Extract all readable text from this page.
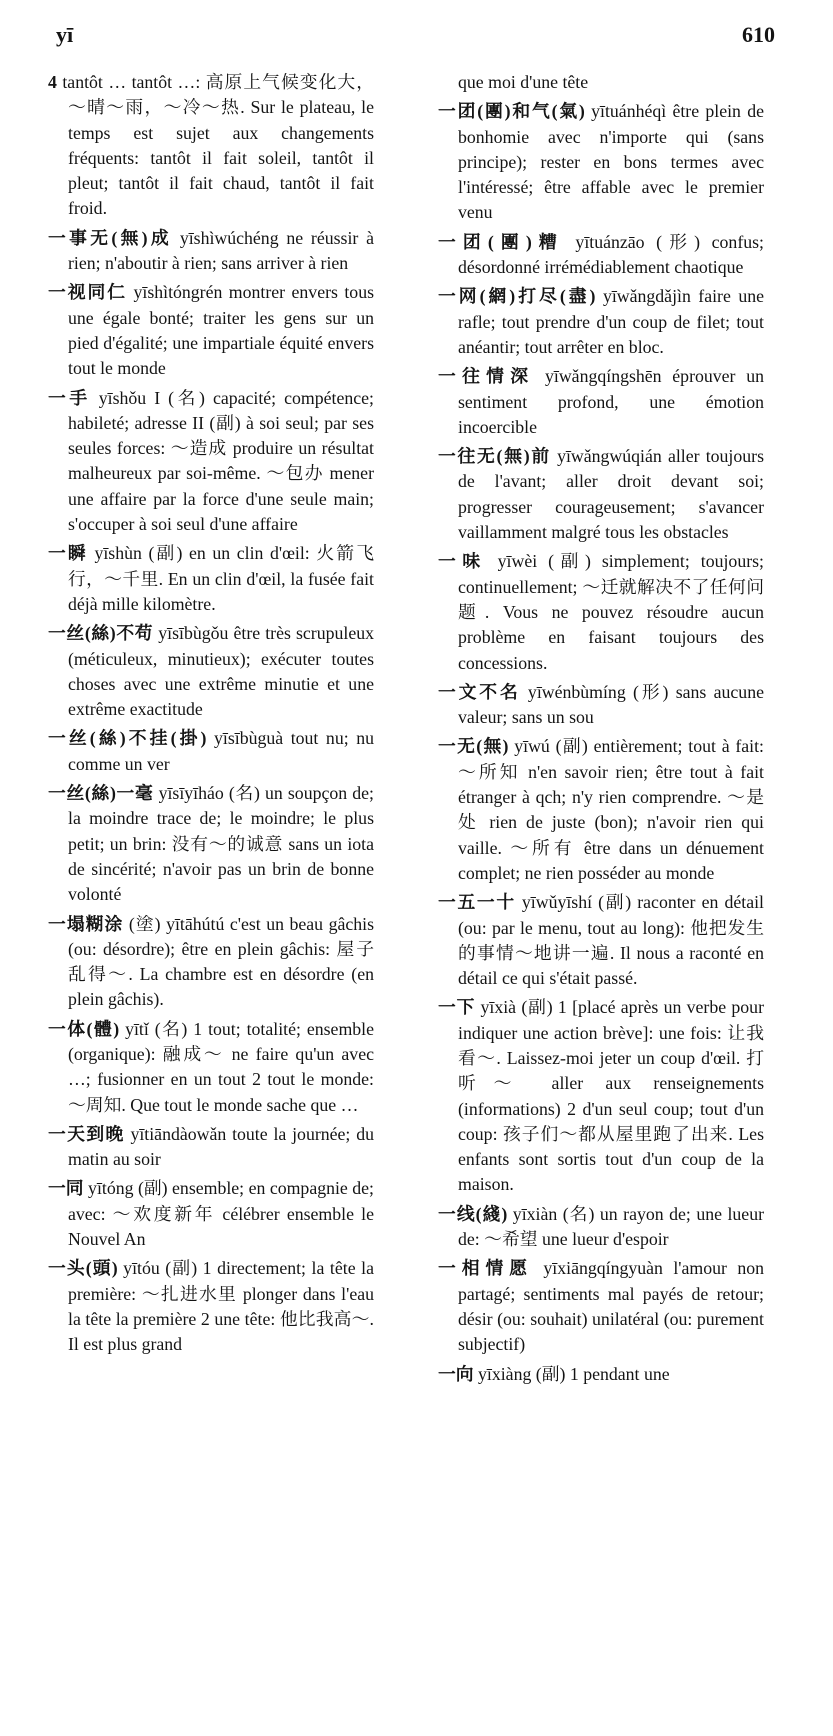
yī	610

4 tantôt … tantôt …: 高原上气候变化大，～晴～雨，～冷～热. Sur le plateau, le temps est sujet aux changements fréquents: tantôt il fait soleil, tantôt il pleut; tantôt il fait chaud, tantôt il fait froid.

一事无(無)成 yīshìwúchéng ne réussir à rien; n'aboutir à rien; sans arriver à rien

一视同仁 yīshìtóngrén montrer envers tous une égale bonté; traiter les gens sur un pied d'égalité; une impartiale équité envers tout le monde

一手 yīshǒu I (名) capacité; compétence; habileté; adresse II (副) à soi seul; par ses seules forces: ～造成 produire un résultat malheureux par soi-même. ～包办 mener une affaire par la force d'une seule main; s'occuper à soi seul d'une affaire

一瞬 yīshùn (副) en un clin d'œil: 火箭飞行，～千里. En un clin d'œil, la fusée fait déjà mille kilomètre.

一丝(絲)不苟 yīsībùgǒu être très scrupuleux (méticuleux, minutieux); exécuter toutes choses avec une extrême minutie et une extrême exactitude

一丝(絲)不挂(掛) yīsībùguà tout nu; nu comme un ver

一丝(絲)一毫 yīsīyīháo (名) un soupçon de; la moindre trace de; le moindre; le plus petit; un brin: 没有～的诚意 sans un iota de sincérité; n'avoir pas un brin de bonne volonté

一塌糊涂 (塗) yītāhútú c'est un beau gâchis (ou: désordre); être en plein gâchis: 屋子乱得～. La chambre est en désordre (en plein gâchis).

一体(體) yītǐ (名) 1 tout; totalité; ensemble (organique): 融成～ ne faire qu'un avec …; fusionner en un tout 2 tout le monde: ～周知. Que tout le monde sache que …

一天到晚 yītiāndàowǎn toute la journée; du matin au soir

一同 yītóng (副) ensemble; en compagnie de; avec: ～欢度新年 célébrer ensemble le Nouvel An

一头(頭) yītóu (副) 1 directement; la tête la première: ～扎进水里 plonger dans l'eau la tête la première 2 une tête: 他比我高～. Il est plus grand

que moi d'une tête

一团(團)和气(氣) yītuánhéqì être plein de bonhomie avec n'importe qui (sans principe); rester en bons termes avec l'intéressé; être affable avec le premier venu

一团(團)糟 yītuánzāo (形) confus; désordonné irrémédiablement chaotique

一网(網)打尽(盡) yīwǎngdǎjìn faire une rafle; tout prendre d'un coup de filet; tout anéantir; tout arrêter en bloc.

一往情深 yīwǎngqíngshēn éprouver un sentiment profond, une émotion incoercible

一往无(無)前 yīwǎngwúqián aller toujours de l'avant; aller droit devant soi; progresser courageusement; s'avancer vaillamment malgré tous les obstacles

一味 yīwèi (副) simplement; toujours; continuellement; ～迁就解决不了任何问题. Vous ne pouvez résoudre aucun problème en faisant toujours des concessions.

一文不名 yīwénbùmíng (形) sans aucune valeur; sans un sou

一无(無) yīwú (副) entièrement; tout à fait: ～所知 n'en savoir rien; être tout à fait étranger à qch; n'y rien comprendre. ～是处 rien de juste (bon); n'avoir rien qui vaille. ～所有 être dans un dénuement complet; ne rien posséder au monde

一五一十 yīwǔyīshí (副) raconter en détail (ou: par le menu, tout au long): 他把发生的事情～地讲一遍. Il nous a raconté en détail ce qui s'était passé.

一下 yīxià (副) 1 [placé après un verbe pour indiquer une action brève]: une fois: 让我看～. Laissez-moi jeter un coup d'œil. 打听～ aller aux renseignements (informations) 2 d'un seul coup; tout d'un coup: 孩子们～都从屋里跑了出来. Les enfants sont sortis tout d'un coup de la maison.

一线(綫) yīxiàn (名) un rayon de; une lueur de: ～希望 une lueur d'espoir

一相情愿 yīxiāngqíngyuàn l'amour non partagé; sentiments mal payés de retour; désir (ou: souhait) unilatéral (ou: purement subjectif)

一向 yīxiàng (副) 1 pendant une
